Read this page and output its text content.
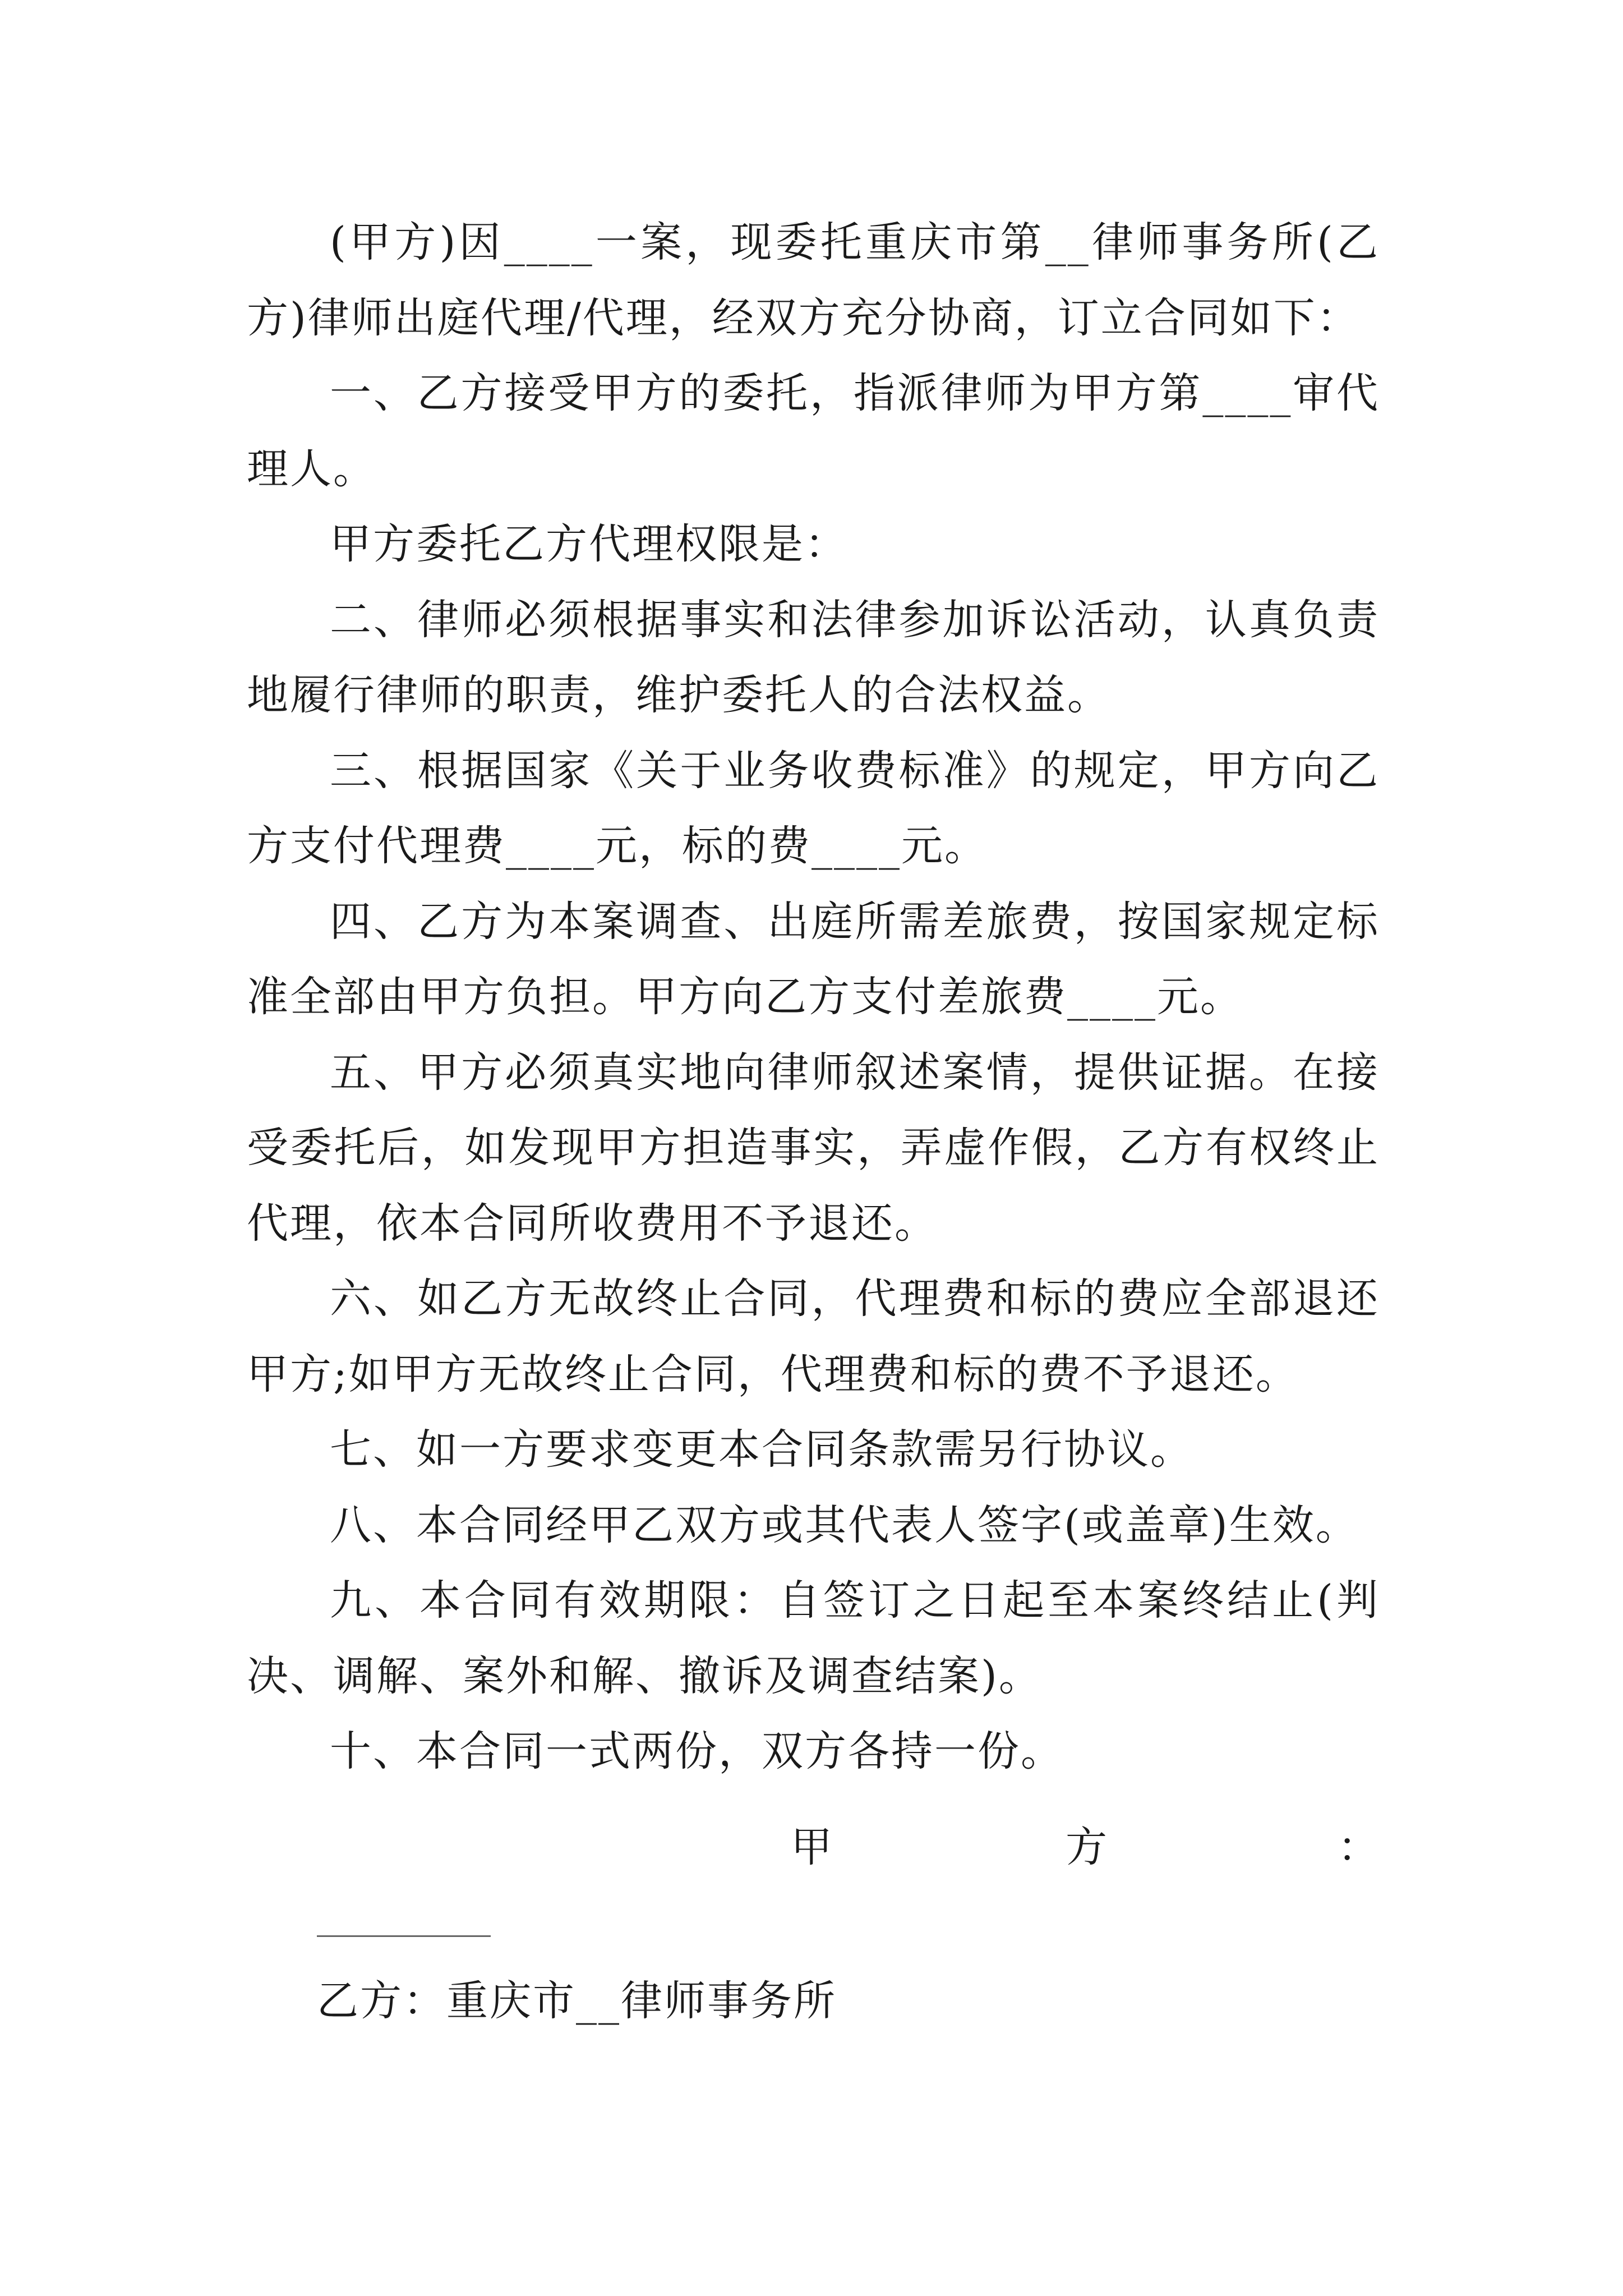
(甲方)因____一案，现委托重庆市第__律师事务所(乙方)律师出庭代理/代理，经双方充分协商，订立合同如下：

一、乙方接受甲方的委托，指派律师为甲方第____审代理人。

甲方委托乙方代理权限是：

二、律师必须根据事实和法律参加诉讼活动，认真负责地履行律师的职责，维护委托人的合法权益。

三、根据国家《关于业务收费标准》的规定，甲方向乙方支付代理费____元，标的费____元。

四、乙方为本案调查、出庭所需差旅费，按国家规定标准全部由甲方负担。甲方向乙方支付差旅费____元。

五、甲方必须真实地向律师叙述案情，提供证据。在接受委托后，如发现甲方担造事实，弄虚作假，乙方有权终止代理，依本合同所收费用不予退还。

六、如乙方无故终止合同，代理费和标的费应全部退还甲方;如甲方无故终止合同，代理费和标的费不予退还。

七、如一方要求变更本合同条款需另行协议。

八、本合同经甲乙双方或其代表人签字(或盖章)生效。

九、本合同有效期限：自签订之日起至本案终结止(判决、调解、案外和解、撤诉及调查结案)。

十、本合同一式两份，双方各持一份。

甲	方	：
乙方：重庆市__律师事务所
